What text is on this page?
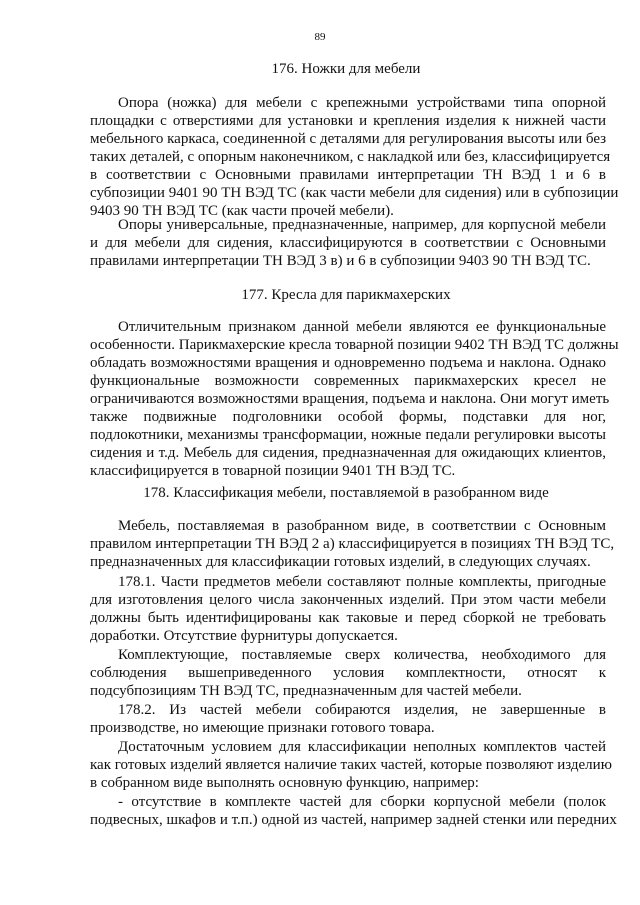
89
176. Ножки для мебели
Опора (ножка) для мебели с крепежными устройствами типа опорной
площадки с отверстиями для установки и крепления изделия к нижней части
мебельного каркаса, соединенной с деталями для регулирования высоты или без
таких деталей, с опорным наконечником, с накладкой или без, классифицируется
в соответствии с Основными правилами интерпретации ТН ВЭД 1 и 6 в
субпозиции 9401 90 ТН ВЭД ТС (как части мебели для сидения) или в субпозиции
9403 90 ТН ВЭД ТС (как части прочей мебели).
Опоры универсальные, предназначенные, например, для корпусной мебели
и для мебели для сидения, классифицируются в соответствии с Основными
правилами интерпретации ТН ВЭД 3 в) и 6 в субпозиции 9403 90 ТН ВЭД ТС.
177. Кресла для парикмахерских
Отличительным признаком данной мебели являются ее функциональные
особенности. Парикмахерские кресла товарной позиции 9402 ТН ВЭД ТС должны
обладать возможностями вращения и одновременно подъема и наклона. Однако
функциональные возможности современных парикмахерских кресел не
ограничиваются возможностями вращения, подъема и наклона. Они могут иметь
также подвижные подголовники особой формы, подставки для ног,
подлокотники, механизмы трансформации, ножные педали регулировки высоты
сидения и т.д. Мебель для сидения, предназначенная для ожидающих клиентов,
классифицируется в товарной позиции 9401 ТН ВЭД ТС.
178. Классификация мебели, поставляемой в разобранном виде
Мебель, поставляемая в разобранном виде, в соответствии с Основным
правилом интерпретации ТН ВЭД 2 а) классифицируется в позициях ТН ВЭД ТС,
предназначенных для классификации готовых изделий, в следующих случаях.
178.1. Части предметов мебели составляют полные комплекты, пригодные
для изготовления целого числа законченных изделий. При этом части мебели
должны быть идентифицированы как таковые и перед сборкой не требовать
доработки. Отсутствие фурнитуры допускается.
Комплектующие, поставляемые сверх количества, необходимого для
соблюдения вышеприведенного условия комплектности, относят к
подсубпозициям ТН ВЭД ТС, предназначенным для частей мебели.
178.2. Из частей мебели собираются изделия, не завершенные в
производстве, но имеющие признаки готового товара.
Достаточным условием для классификации неполных комплектов частей
как готовых изделий является наличие таких частей, которые позволяют изделию
в собранном виде выполнять основную функцию, например:
- отсутствие в комплекте частей для сборки корпусной мебели (полок
подвесных, шкафов и т.п.) одной из частей, например задней стенки или передних
